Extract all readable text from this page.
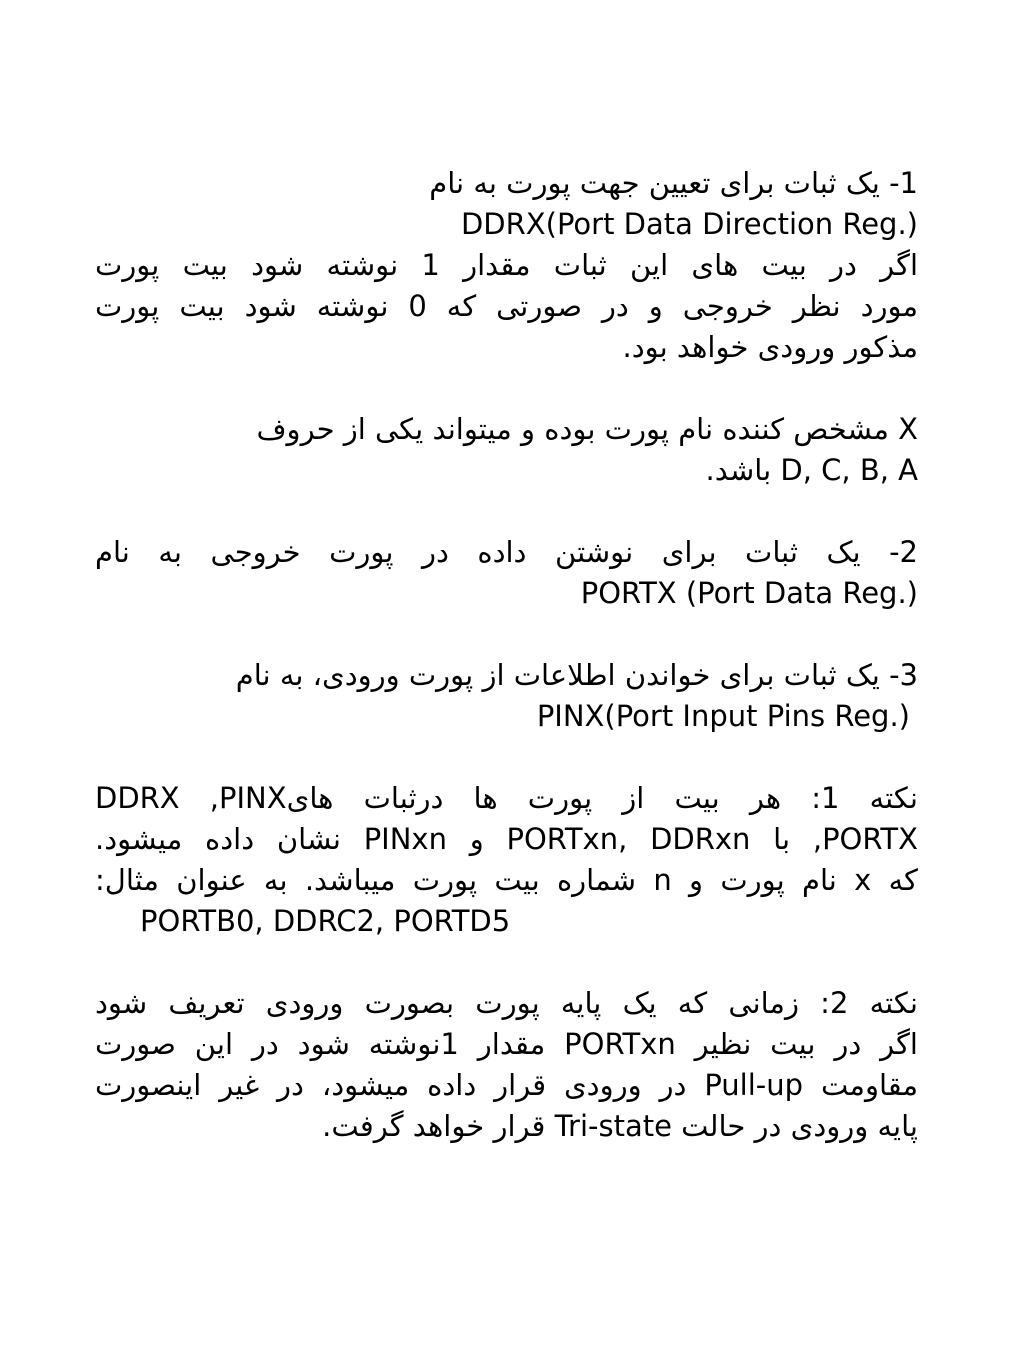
1- یک ثبات برای تعیین جهت پورت به نام
DDRX(Port Data Direction Reg.)
اگر در بیت های این ثبات مقدار 1 نوشته شود بیت پورت
مورد نظر خروجی و در صورتی که 0 نوشته شود بیت پورت
مذکور ورودی خواهد بود.
X مشخص کننده نام پورت بوده و میتواند یکی از حروف
D, C, B, A باشد.
2- یک ثبات برای نوشتن داده در پورت خروجی به نام
PORTX (Port Data Reg.)
3- یک ثبات برای خواندن اطلاعات از پورت ورودی، به نام
PINX(Port Input Pins Reg.)
نکته 1: هر بیت از پورت ها درثبات هایDDRX ,PINX
PORTX, با PORTxn, DDRxn و PINxn نشان داده میشود.
که x نام پورت و n شماره بیت پورت میباشد. به عنوان مثال:
PORTB0, DDRC2, PORTD5
نکته 2: زمانی که یک پایه پورت بصورت ورودی تعریف شود
اگر در بیت نظیر PORTxn مقدار 1نوشته شود در این صورت
مقاومت Pull-up در ورودی قرار داده میشود، در غیر اینصورت
پایه ورودی در حالت Tri-state قرار خواهد گرفت.
